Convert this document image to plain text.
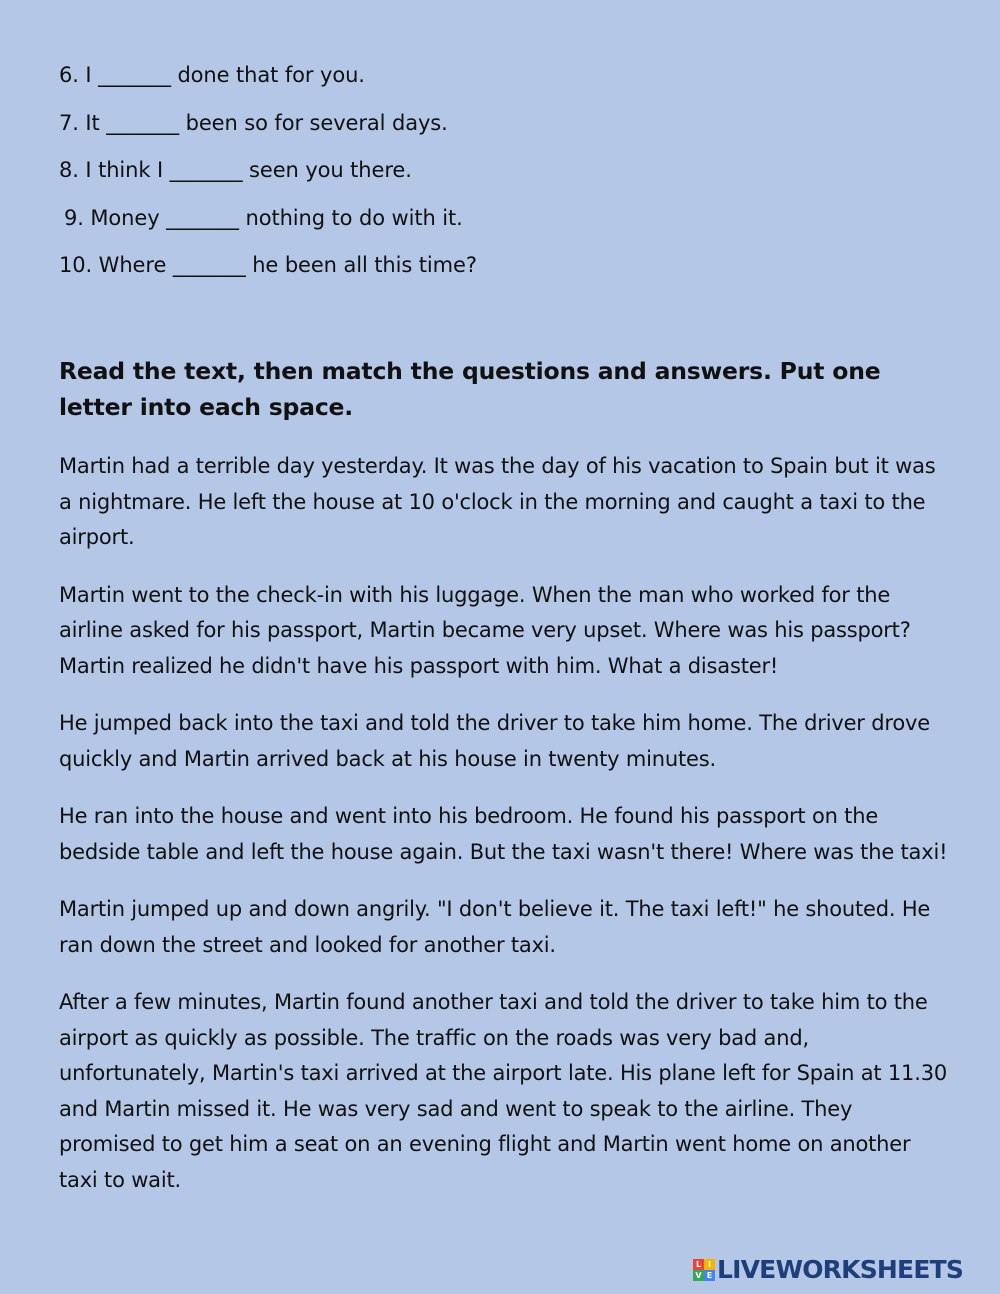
6. I _______ done that for you.
7. It _______ been so for several days.
8. I think I _______ seen you there.
9. Money _______ nothing to do with it.
10. Where _______ he been all this time?
Read the text, then match the questions and answers. Put one letter into each space.

Martin had a terrible day yesterday. It was the day of his vacation to Spain but it was a nightmare. He left the house at 10 o'clock in the morning and caught a taxi to the airport.

Martin went to the check-in with his luggage. When the man who worked for the airline asked for his passport, Martin became very upset. Where was his passport? Martin realized he didn't have his passport with him. What a disaster!

He jumped back into the taxi and told the driver to take him home. The driver drove quickly and Martin arrived back at his house in twenty minutes.

He ran into the house and went into his bedroom. He found his passport on the bedside table and left the house again. But the taxi wasn't there! Where was the taxi!

Martin jumped up and down angrily. "I don't believe it. The taxi left!" he shouted. He ran down the street and looked for another taxi.

After a few minutes, Martin found another taxi and told the driver to take him to the airport as quickly as possible. The traffic on the roads was very bad and, unfortunately, Martin's taxi arrived at the airport late. His plane left for Spain at 11.30 and Martin missed it. He was very sad and went to speak to the airline. They promised to get him a seat on an evening flight and Martin went home on another taxi to wait.

L I
V E LIVEWORKSHEETS
